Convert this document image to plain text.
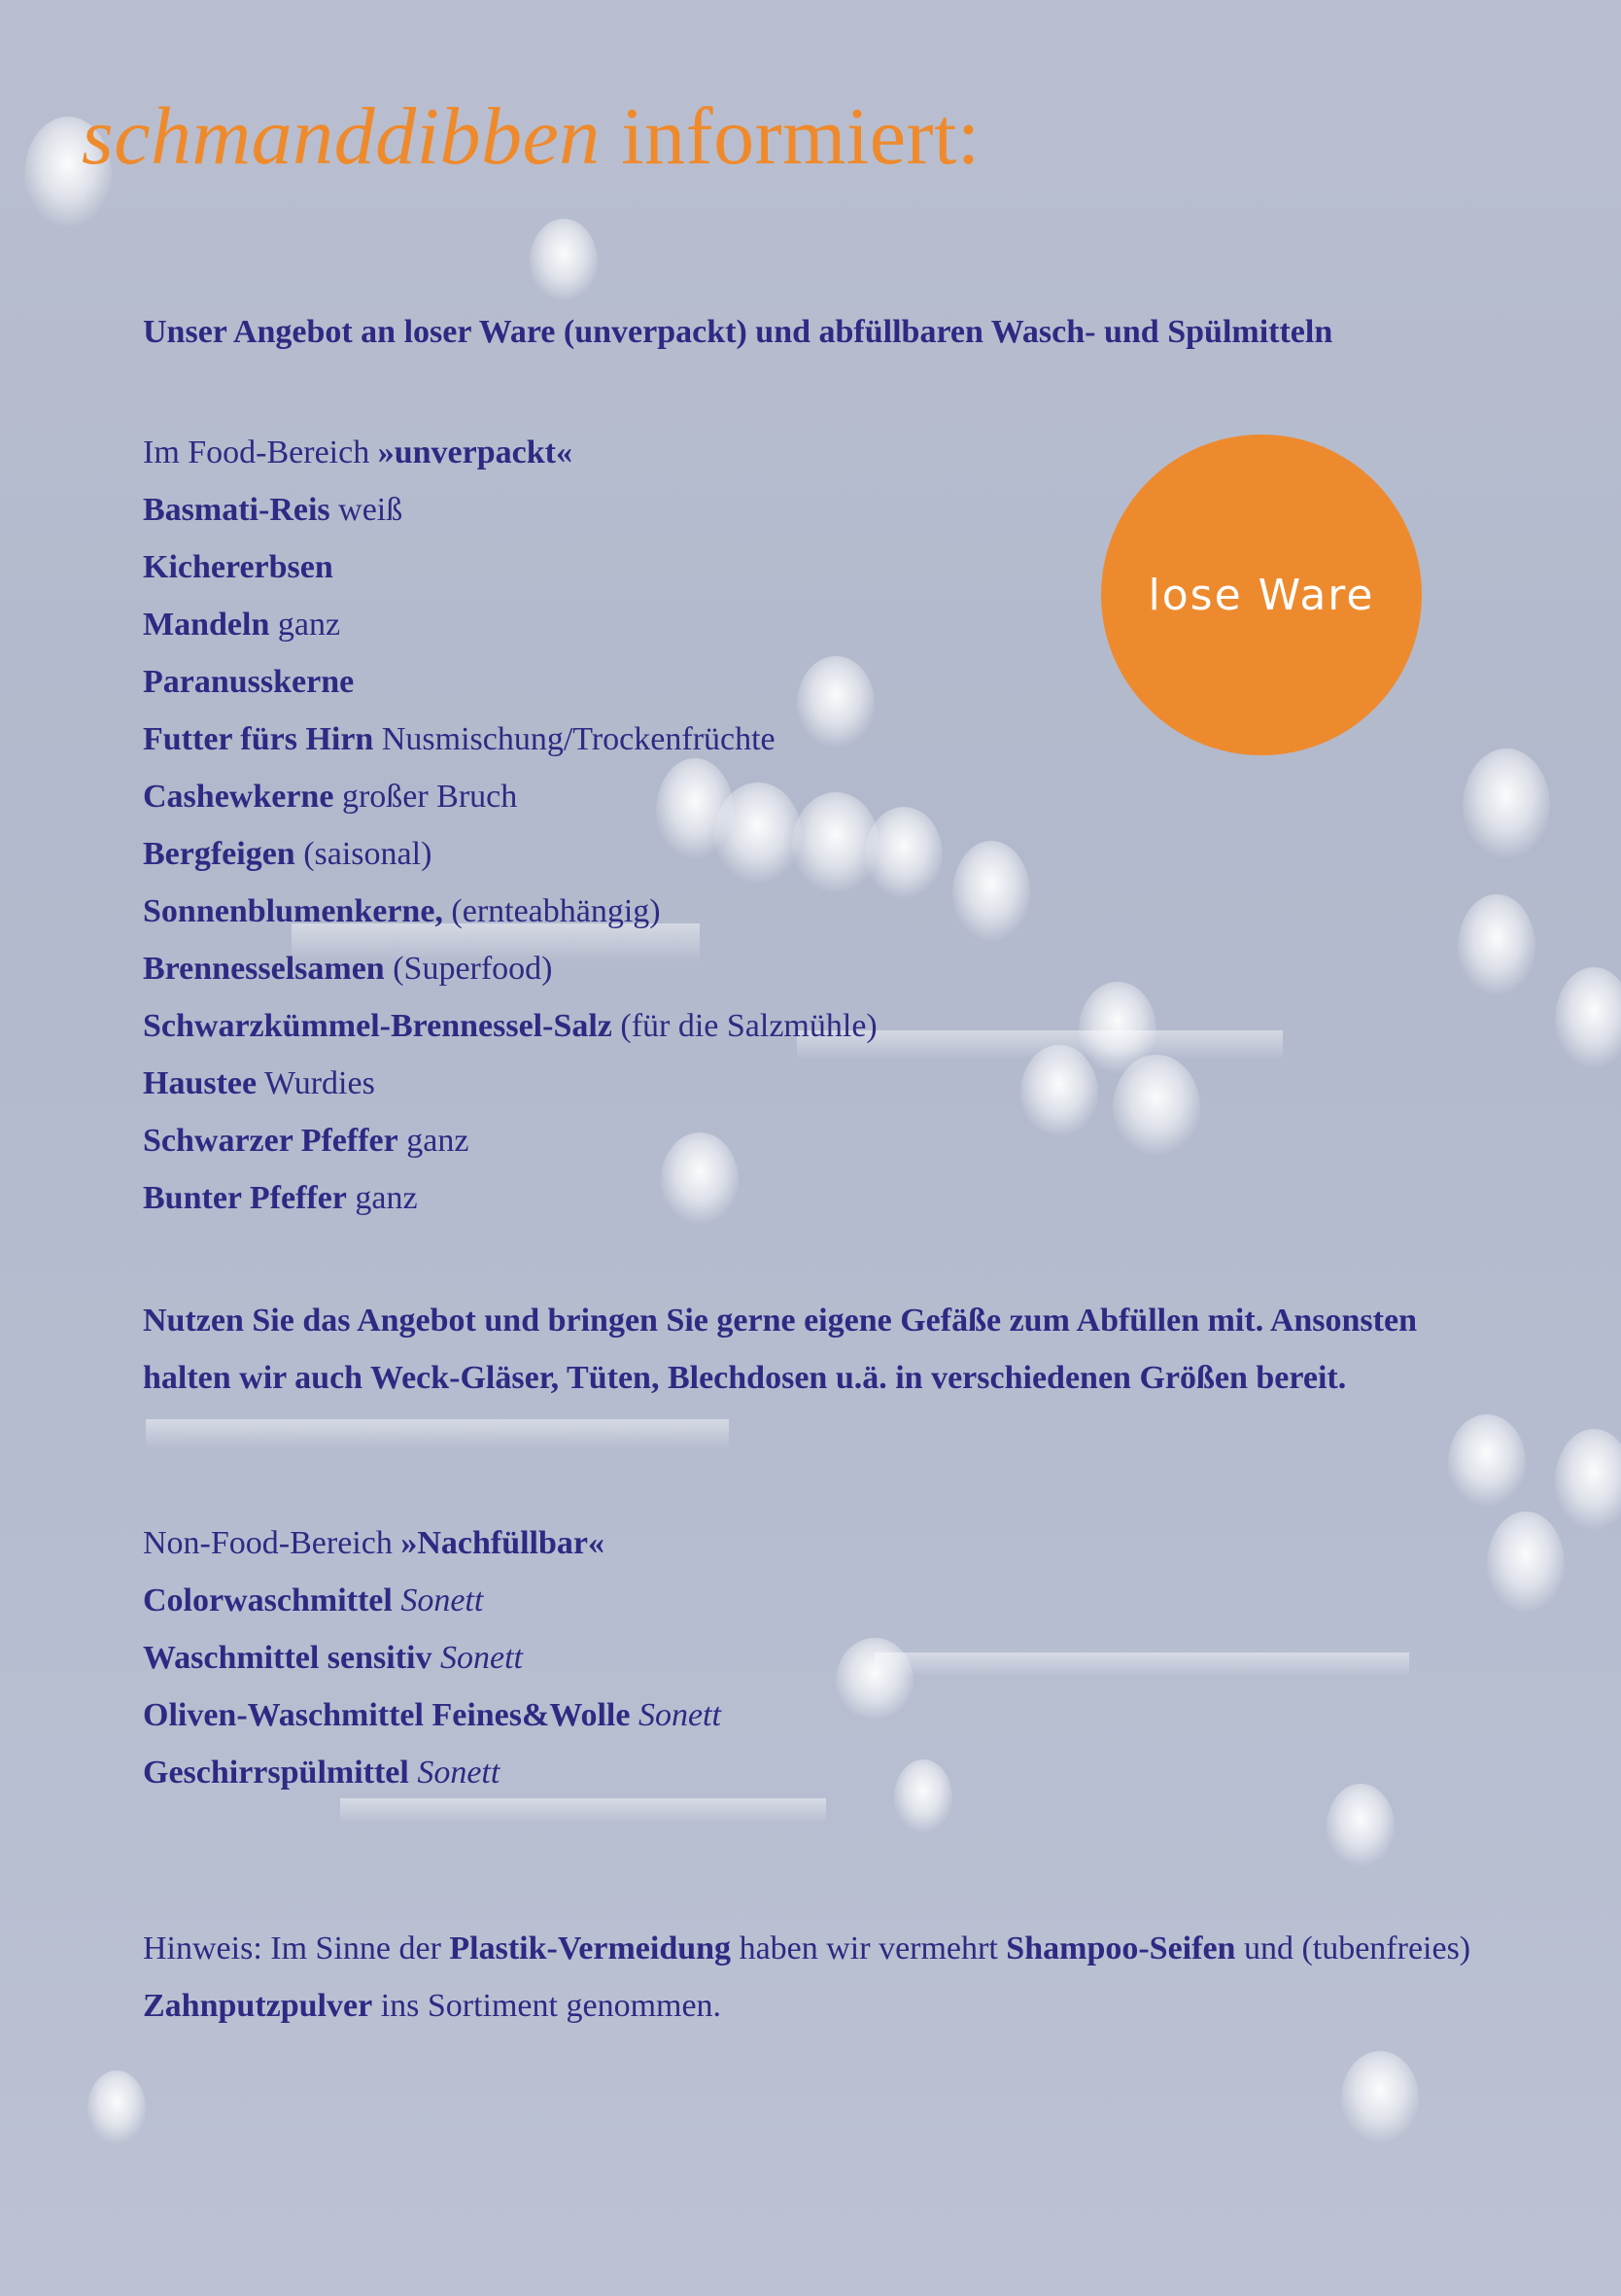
schmanddibben informiert:
Unser Angebot an loser Ware (unverpackt) und abfüllbaren Wasch- und Spülmitteln
Im Food-Bereich »unverpackt«
Basmati-Reis weiß
Kichererbsen
Mandeln ganz
Paranusskerne
Futter fürs Hirn Nusmischung/Trockenfrüchte
Cashewkerne großer Bruch
Bergfeigen (saisonal)
Sonnenblumenkerne, (ernteabhängig)
Brennesselsamen (Superfood)
Schwarzkümmel-Brennessel-Salz (für die Salzmühle)
Haustee Wurdies
Schwarzer Pfeffer ganz
Bunter Pfeffer ganz
lose Ware
Nutzen Sie das Angebot und bringen Sie gerne eigene Gefäße zum Abfüllen mit. Ansonsten halten wir auch Weck-Gläser, Tüten, Blechdosen u.ä. in verschiedenen Größen bereit.
Non-Food-Bereich »Nachfüllbar«
Colorwaschmittel Sonett
Waschmittel sensitiv Sonett
Oliven-Waschmittel Feines&Wolle Sonett
Geschirrspülmittel Sonett
Hinweis: Im Sinne der Plastik-Vermeidung haben wir vermehrt Shampoo-Seifen und (tubenfreies) Zahnputzpulver ins Sortiment genommen.
